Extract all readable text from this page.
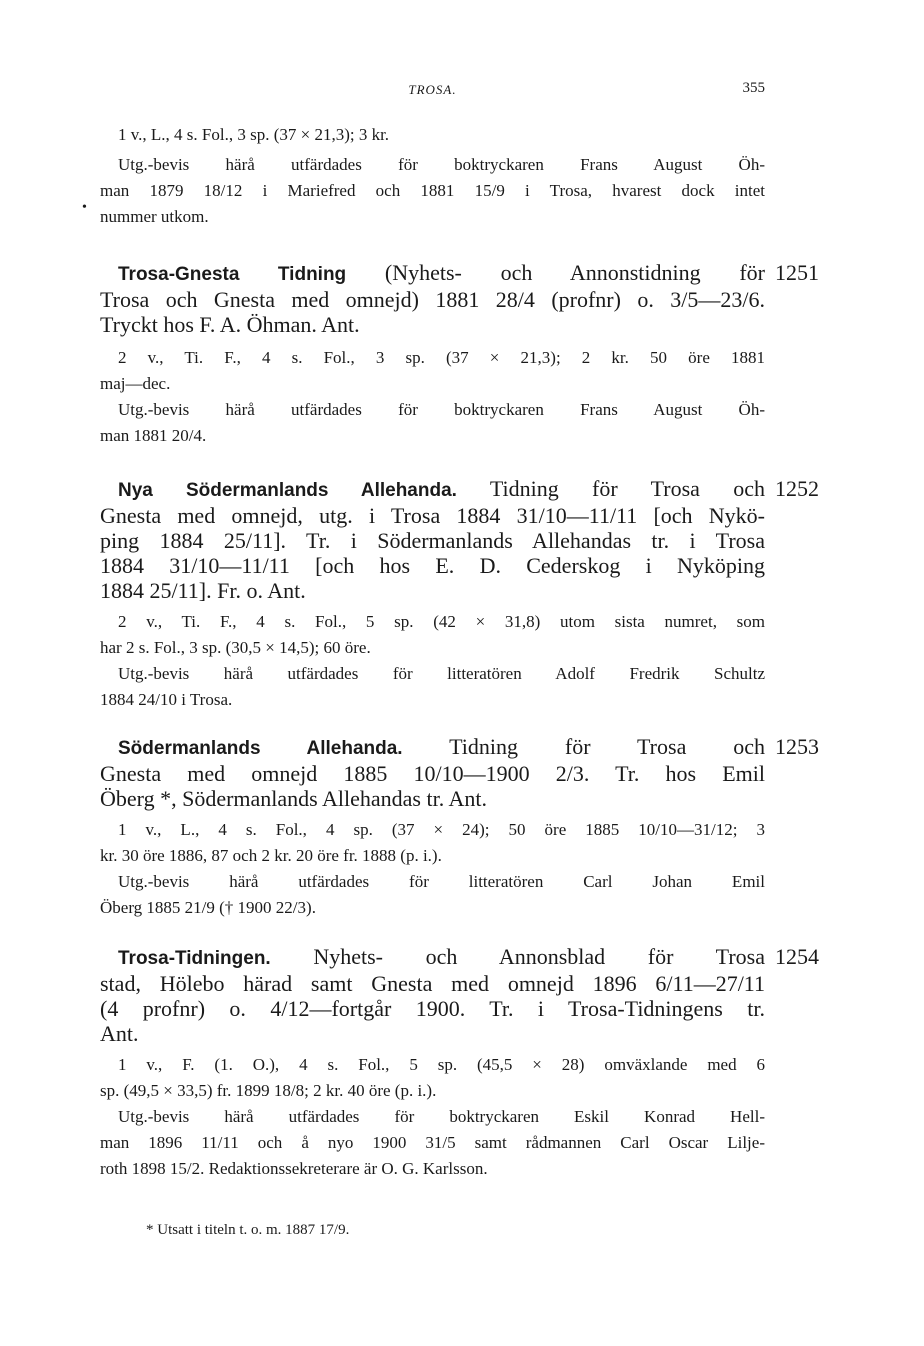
TROSA.	355
•
1 v., L., 4 s. Fol., 3 sp. (37 × 21,3); 3 kr.
Utg.-bevis härå utfärdades för boktryckaren Frans August Öh-
man 1879 18/12 i Mariefred och 1881 15/9 i Trosa, hvarest dock intet
nummer utkom.
1251
Trosa-Gnesta Tidning (Nyhets- och Annonstidning för
Trosa och Gnesta med omnejd) 1881 28/4 (profnr) o. 3/5—23/6.
Tryckt hos F. A. Öhman. Ant.
2 v., Ti. F., 4 s. Fol., 3 sp. (37 × 21,3); 2 kr. 50 öre 1881
maj—dec.
Utg.-bevis härå utfärdades för boktryckaren Frans August Öh-
man 1881 20/4.
1252
Nya Södermanlands Allehanda. Tidning för Trosa och
Gnesta med omnejd, utg. i Trosa 1884 31/10—11/11 [och Nykö-
ping 1884 25/11]. Tr. i Södermanlands Allehandas tr. i Trosa
1884 31/10—11/11 [och hos E. D. Cederskog i Nyköping
1884 25/11]. Fr. o. Ant.
2 v., Ti. F., 4 s. Fol., 5 sp. (42 × 31,8) utom sista numret, som
har 2 s. Fol., 3 sp. (30,5 × 14,5); 60 öre.
Utg.-bevis härå utfärdades för litteratören Adolf Fredrik Schultz
1884 24/10 i Trosa.
1253
Södermanlands Allehanda. Tidning för Trosa och
Gnesta med omnejd 1885 10/10—1900 2/3. Tr. hos Emil
Öberg *, Södermanlands Allehandas tr. Ant.
1 v., L., 4 s. Fol., 4 sp. (37 × 24); 50 öre 1885 10/10—31/12; 3
kr. 30 öre 1886, 87 och 2 kr. 20 öre fr. 1888 (p. i.).
Utg.-bevis härå utfärdades för litteratören Carl Johan Emil
Öberg 1885 21/9 († 1900 22/3).
1254
Trosa-Tidningen. Nyhets- och Annonsblad för Trosa
stad, Hölebo härad samt Gnesta med omnejd 1896 6/11—27/11
(4 profnr) o. 4/12—fortgår 1900. Tr. i Trosa-Tidningens tr.
Ant.
1 v., F. (1. O.), 4 s. Fol., 5 sp. (45,5 × 28) omväxlande med 6
sp. (49,5 × 33,5) fr. 1899 18/8; 2 kr. 40 öre (p. i.).
Utg.-bevis härå utfärdades för boktryckaren Eskil Konrad Hell-
man 1896 11/11 och å nyo 1900 31/5 samt rådmannen Carl Oscar Lilje-
roth 1898 15/2. Redaktionssekreterare är O. G. Karlsson.
* Utsatt i titeln t. o. m. 1887 17/9.
